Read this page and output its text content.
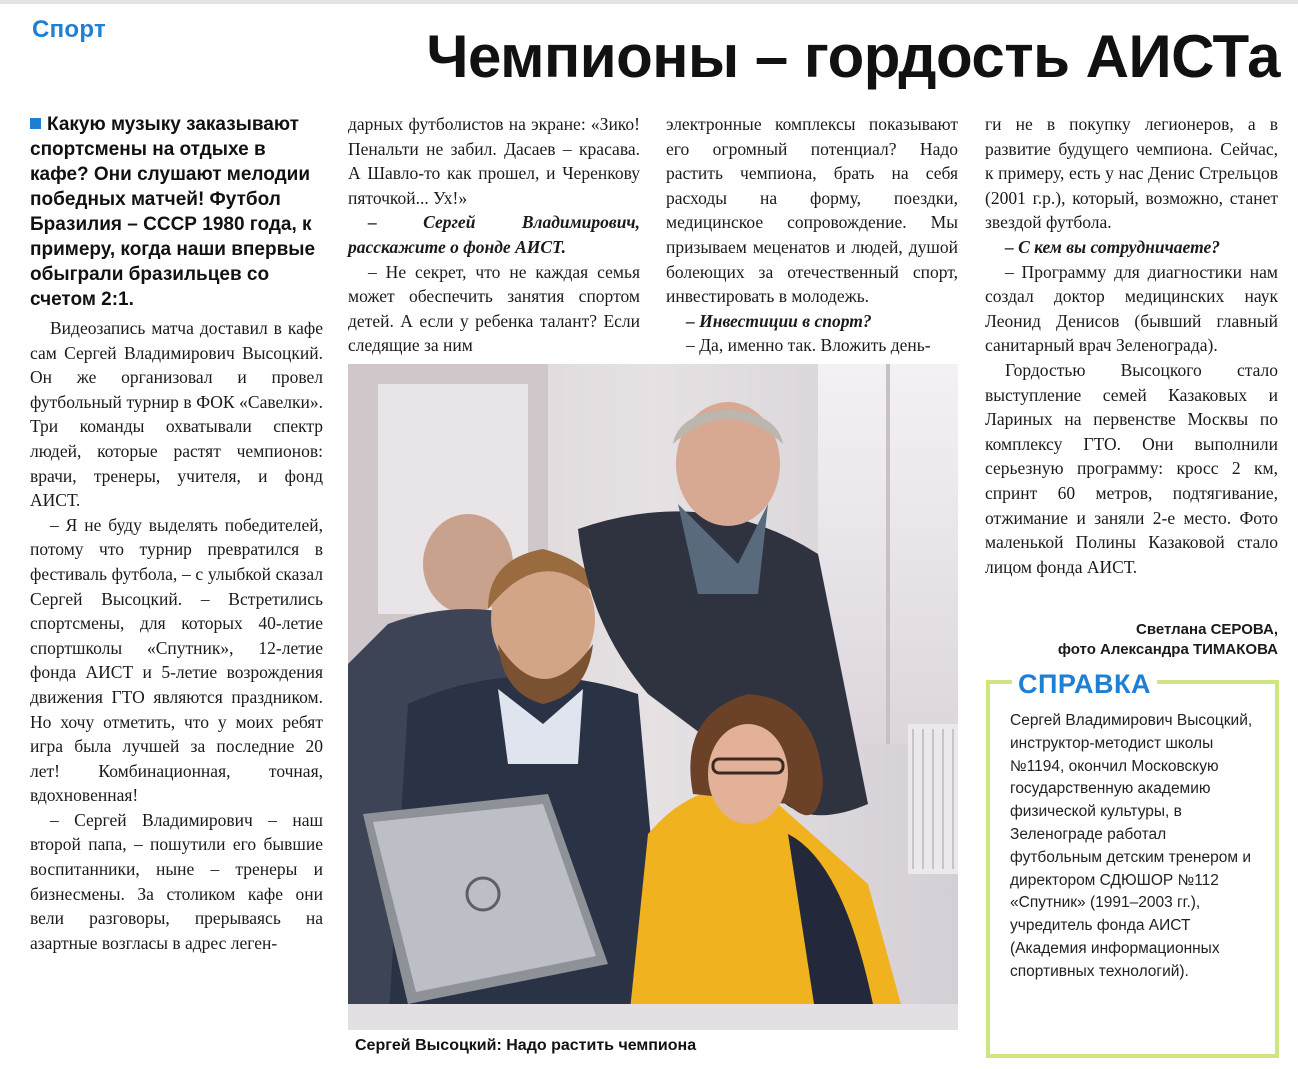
Спорт	Чемпионы – гордость АИСТа

Какую музыку заказывают спортсмены на отдыхе в кафе? Они слушают мелодии победных матчей! Футбол Бразилия – СССР 1980 года, к примеру, когда наши впервые обыграли бразильцев со счетом 2:1.

Видеозапись матча доставил в кафе сам Сергей Владимирович Высоцкий. Он же организовал и провел футбольный турнир в ФОК «Савелки». Три команды охватывали спектр людей, которые растят чемпионов: врачи, тренеры, учителя, и фонд АИСТ.

– Я не буду выделять победителей, потому что турнир превратился в фестиваль футбола, – с улыбкой сказал Сергей Высоцкий. – Встретились спортсмены, для которых 40-летие спортшколы «Спутник», 12-летие фонда АИСТ и 5-летие возрождения движения ГТО являются праздником. Но хочу отметить, что у моих ребят игра была лучшей за последние 20 лет! Комбинационная, точная, вдохновенная!

– Сергей Владимирович – наш второй папа, – пошутили его бывшие воспитанники, ныне – тренеры и бизнесмены. За столиком кафе они вели разговоры, прерываясь на азартные возгласы в адрес леген-

дарных футболистов на экране: «Зико! Пенальти не забил. Дасаев – красава. А Шавло-то как прошел, и Черенкову пяточкой... Ух!»

– Сергей Владимирович, расскажите о фонде АИСТ.

– Не секрет, что не каждая семья может обеспечить занятия спортом детей. А если у ребенка талант? Если следящие за ним

электронные комплексы показывают его огромный потенциал? Надо растить чемпиона, брать на себя расходы на форму, поездки, медицинское сопровождение. Мы призываем меценатов и людей, душой болеющих за отечественный спорт, инвестировать в молодежь.

– Инвестиции в спорт?

– Да, именно так. Вложить день-

ги не в покупку легионеров, а в развитие будущего чемпиона. Сейчас, к примеру, есть у нас Денис Стрельцов (2001 г.р.), который, возможно, станет звездой футбола.

– С кем вы сотрудничаете?

– Программу для диагностики нам создал доктор медицинских наук Леонид Денисов (бывший главный санитарный врач Зеленограда).

Гордостью Высоцкого стало выступление семей Казаковых и Лариных на первенстве Москвы по комплексу ГТО. Они выполнили серьезную программу: кросс 2 км, спринт 60 метров, подтягивание, отжимание и заняли 2-е место. Фото маленькой Полины Казаковой стало лицом фонда АИСТ.

Сергей Высоцкий: Надо растить чемпиона
Светлана СЕРОВА,
фото Александра ТИМАКОВА
СПРАВКА
Сергей Владимирович Высоцкий, инструктор-методист школы №1194, окончил Московскую государственную академию физической культуры, в Зеленограде работал футбольным детским тренером и директором СДЮШОР №112 «Спутник» (1991–2003 гг.), учредитель фонда АИСТ (Академия информационных спортивных технологий).
